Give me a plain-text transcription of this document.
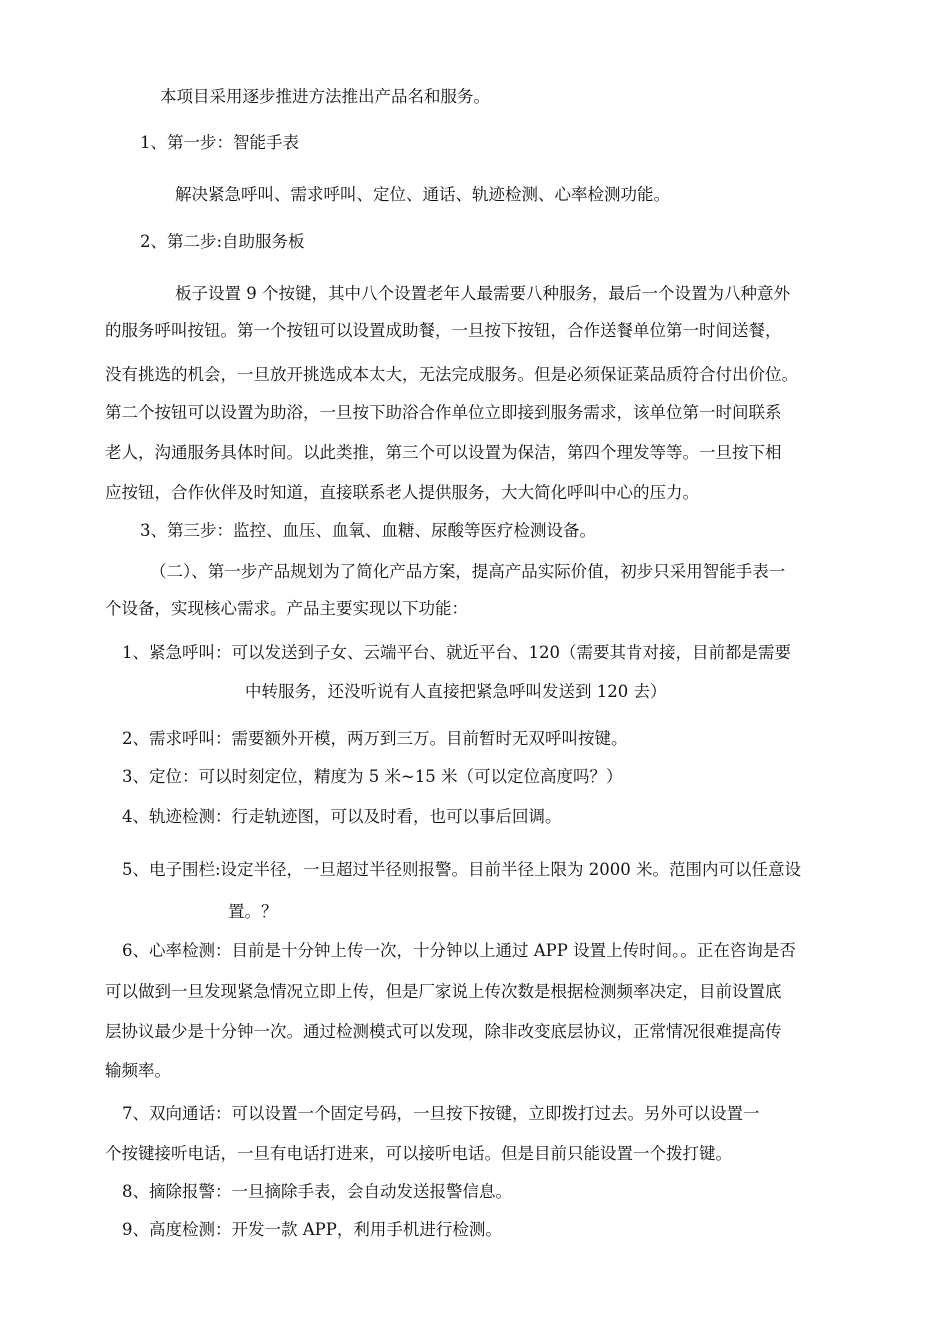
本项目采用逐步推进方法推出产品名和服务。

1、第一步：智能手表

解决紧急呼叫、需求呼叫、定位、通话、轨迹检测、心率检测功能。

2、第二步:自助服务板

板子设置 9 个按键，其中八个设置老年人最需要八种服务，最后一个设置为八种意外

的服务呼叫按钮。第一个按钮可以设置成助餐，一旦按下按钮，合作送餐单位第一时间送餐，

没有挑选的机会，一旦放开挑选成本太大，无法完成服务。但是必须保证菜品质符合付出价位。

第二个按钮可以设置为助浴，一旦按下助浴合作单位立即接到服务需求，该单位第一时间联系

老人，沟通服务具体时间。以此类推，第三个可以设置为保洁，第四个理发等等。一旦按下相

应按钮，合作伙伴及时知道，直接联系老人提供服务，大大简化呼叫中心的压力。

3、第三步：监控、血压、血氧、血糖、尿酸等医疗检测设备。

（二）、第一步产品规划为了简化产品方案，提高产品实际价值，初步只采用智能手表一

个设备，实现核心需求。产品主要实现以下功能：

1、紧急呼叫：可以发送到子女、云端平台、就近平台、120（需要其肯对接，目前都是需要

中转服务，还没听说有人直接把紧急呼叫发送到 120 去）

2、需求呼叫：需要额外开模，两万到三万。目前暂时无双呼叫按键。

3、定位：可以时刻定位，精度为 5 米~15 米（可以定位高度吗？）

4、轨迹检测：行走轨迹图，可以及时看，也可以事后回调。

5、电子围栏:设定半径，一旦超过半径则报警。目前半径上限为 2000 米。范围内可以任意设

置。？

6、心率检测：目前是十分钟上传一次，十分钟以上通过 APP 设置上传时间。。正在咨询是否

可以做到一旦发现紧急情况立即上传，但是厂家说上传次数是根据检测频率决定，目前设置底

层协议最少是十分钟一次。通过检测模式可以发现，除非改变底层协议，正常情况很难提高传

输频率。

7、双向通话：可以设置一个固定号码，一旦按下按键，立即拨打过去。另外可以设置一

个按键接听电话，一旦有电话打进来，可以接听电话。但是目前只能设置一个拨打键。

8、摘除报警：一旦摘除手表，会自动发送报警信息。

9、高度检测：开发一款 APP，利用手机进行检测。
